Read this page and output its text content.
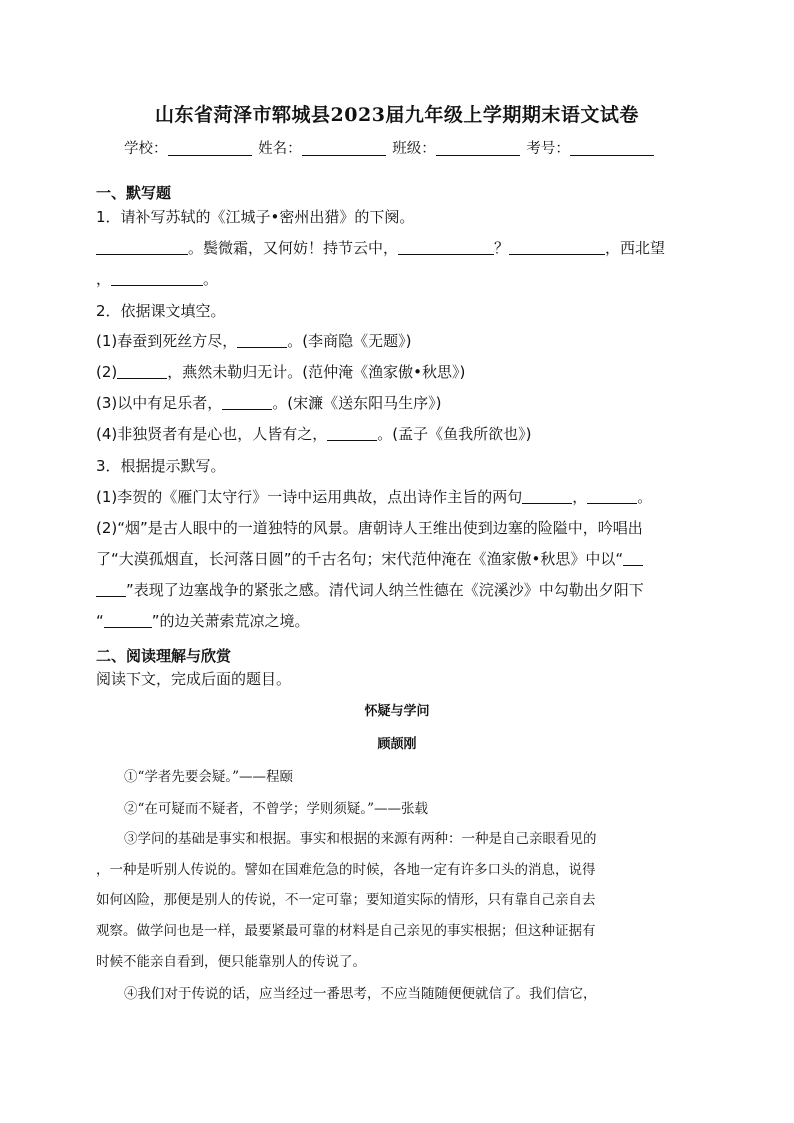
山东省菏泽市郓城县2023届九年级上学期期末语文试卷
学校：	姓名：	班级：	考号：
一、默写题
1．请补写苏轼的《江城子•密州出猎》的下阕。
。鬓微霜，又何妨！持节云中，	？	，西北望
，	。
2．依据课文填空。
(1)春蚕到死丝方尽，	。(李商隐《无题》)
(2)	，燕然未勒归无计。(范仲淹《渔家傲•秋思》)
(3)以中有足乐者，	。(宋濂《送东阳马生序》)
(4)非独贤者有是心也，人皆有之，	。(孟子《鱼我所欲也》)
3．根据提示默写。
(1)李贺的《雁门太守行》一诗中运用典故，点出诗作主旨的两句	，	。
(2)“烟”是古人眼中的一道独特的风景。唐朝诗人王维出使到边塞的险隘中，吟唱出
了“大漠孤烟直，长河落日圆”的千古名句；宋代范仲淹在《渔家傲•秋思》中以“
”表现了边塞战争的紧张之感。清代词人纳兰性德在《浣溪沙》中勾勒出夕阳下
“	”的边关萧索荒凉之境。
二、阅读理解与欣赏
阅读下文，完成后面的题目。
怀疑与学问
顾颉刚
①“学者先要会疑。”——程颐
②“在可疑而不疑者，不曾学；学则须疑。”——张载
③学问的基础是事实和根据。事实和根据的来源有两种：一种是自己亲眼看见的
，一种是听别人传说的。譬如在国难危急的时候，各地一定有许多口头的消息，说得
如何凶险，那便是别人的传说，不一定可靠；要知道实际的情形，只有靠自己亲自去
观察。做学问也是一样，最要紧最可靠的材料是自己亲见的事实根据；但这种证据有
时候不能亲自看到，便只能靠别人的传说了。
④我们对于传说的话，应当经过一番思考，不应当随随便便就信了。我们信它，
